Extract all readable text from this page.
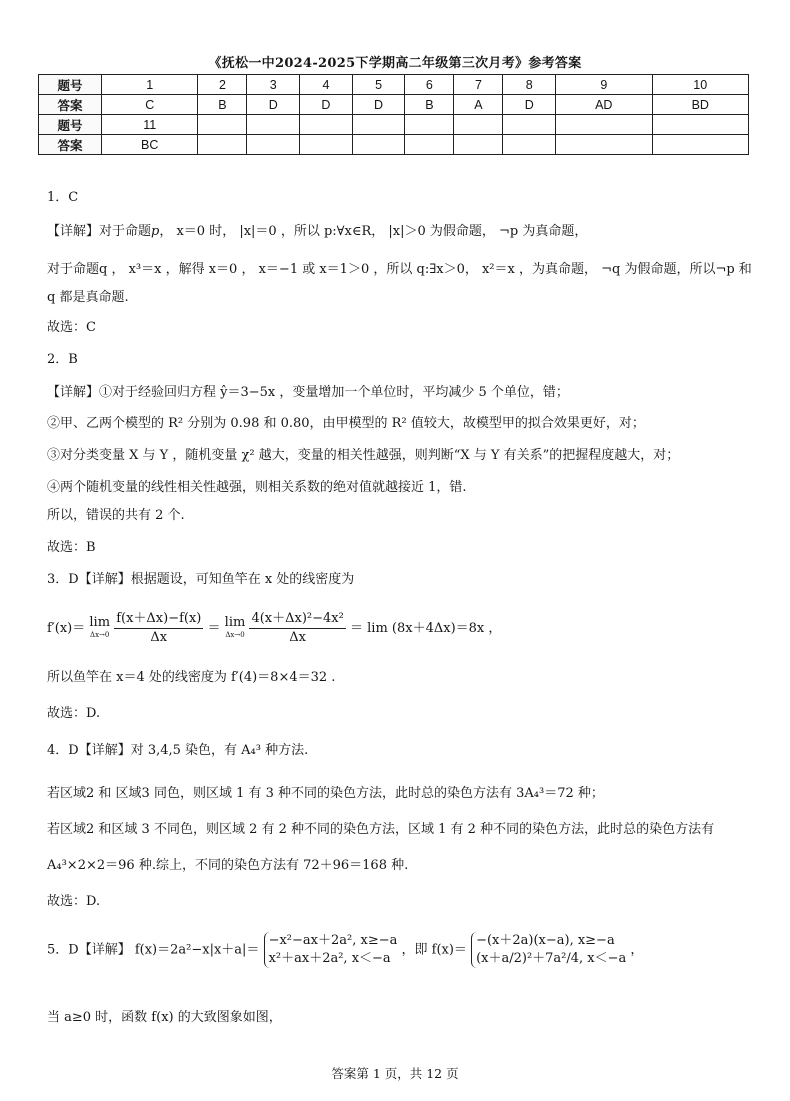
《抚松一中2024-2025下学期高二年级第三次月考》参考答案
题号	1	2	3	4	5	6	7	8	9	10
答案	C	B	D	D	D	B	A	D	AD	BD
题号	11									
答案	BC									
1．C
【详解】对于命题p， x＝0 时， |x|＝0 ，所以 p:∀x∈R， |x|＞0 为假命题， ¬p 为真命题，
对于命题q ， x³＝x ，解得 x＝0 ， x＝−1 或 x＝1＞0 ，所以 q:∃x＞0， x²＝x ，为真命题， ¬q 为假命题，所以¬p 和
q 都是真命题.
故选：C
2．B
【详解】①对于经验回归方程 ŷ＝3−5x ，变量增加一个单位时，平均减少 5 个单位，错；
②甲、乙两个模型的 R² 分别为 0.98 和 0.80，由甲模型的 R² 值较大，故模型甲的拟合效果更好，对；
③对分类变量 X 与 Y ，随机变量 χ² 越大，变量的相关性越强，则判断“X 与 Y 有关系”的把握程度越大，对；
④两个随机变量的线性相关性越强，则相关系数的绝对值就越接近 1，错.
所以，错误的共有 2 个.
故选：B
3．D【详解】根据题设，可知鱼竿在 x 处的线密度为
f′(x)＝ lim
Δx→0
$\frac{f(x+\Delta x)-f(x)}{\Delta x} = \lim$
Δx→0
$\frac{\text{4(x＋Δx)²−4x²}}{\Delta x} = \lim (8x+4\Delta x)=8x$ ，
所以鱼竿在 x＝4 处的线密度为 f′(4)＝8×4＝32 .
故选：D.
4．D【详解】对 3,4,5 染色，有 A₄³ 种方法.
若区域2 和 区域3 同色，则区域 1 有 3 种不同的染色方法，此时总的染色方法有 3A₄³＝72 种；
若区域2 和区域 3 不同色，则区域 2 有 2 种不同的染色方法，区域 1 有 2 种不同的染色方法，此时总的染色方法有
A₄³×2×2＝96 种.综上，不同的染色方法有 72＋96＝168 种.
故选：D.
5．D【详解】 f(x)＝2a²−x|x＋a|＝
−x²−ax＋2a², x≥−a
x²＋ax＋2a², x＜−a
，即 f(x)＝
−(x＋2a)(x−a), x≥−a
(x＋a/2)²＋7a²/4, x＜−a
，
当 a≥0 时，函数 f(x) 的大致图象如图，
答案第 1 页，共 12 页
